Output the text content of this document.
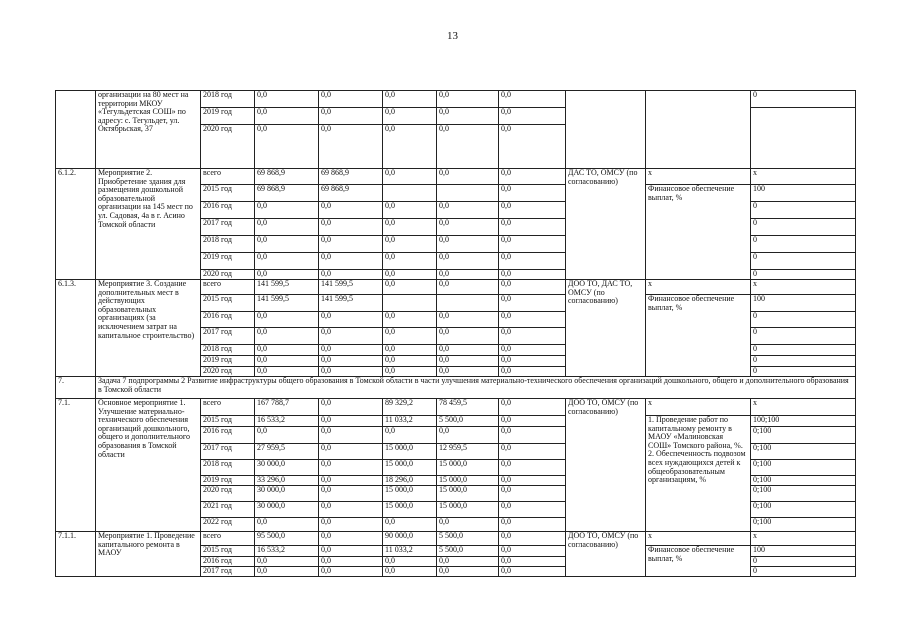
13
	организации на 80 мест на территории МКОУ «Тегульдетская СОШ» по адресу: с. Тегульдет, ул. Октябрьская, 37	2018 год	0,0	0,0	0,0	0,0	0,0			0	
		2019 год	0,0	0,0	0,0	0,0	0,0		
		2020 год	0,0	0,0	0,0	0,0	0,0	
6.1.2.	Мероприятие 2. Приобретение здания для размещения дошкольной образовательной организации на 145 мест по ул. Садовая, 4а в г. Асино Томской области	всего	69 868,9	69 868,9	0,0	0,0	0,0	ДАС ТО, ОМСУ (по согласованию)	х	х	
		2015 год	69 868,9	69 868,9			0,0		Финансовое обеспечение выплат, %	100	
		2016 год	0,0	0,0	0,0	0,0	0,0			0	
		2017 год	0,0	0,0	0,0	0,0	0,0			0	
		2018 год	0,0	0,0	0,0	0,0	0,0			0	
		2019 год	0,0	0,0	0,0	0,0	0,0			0	
		2020 год	0,0	0,0	0,0	0,0	0,0			0	
6.1.3.	Мероприятие 3. Создание дополнительных мест в действующих образовательных организациях (за исключением затрат на капитальное строительство)	всего	141 599,5	141 599,5	0,0	0,0	0,0	ДОО ТО, ДАС ТО, ОМСУ (по согласованию)	х	х	
		2015 год	141 599,5	141 599,5			0,0		Финансовое обеспечение выплат, %	100	
		2016 год	0,0	0,0	0,0	0,0	0,0			0	
		2017 год	0,0	0,0	0,0	0,0	0,0			0	
		2018 год	0,0	0,0	0,0	0,0	0,0			0	
		2019 год	0,0	0,0	0,0	0,0	0,0			0	
		2020 год	0,0	0,0	0,0	0,0	0,0			0	
7.	Задача 7 подпрограммы 2 Развитие инфраструктуры общего образования в Томской области в части улучшения материально-технического обеспечения организаций дошкольного, общего и дополнительного образования в Томской области										
7.1.	Основное мероприятие 1. Улучшение материально-технического обеспечения организаций дошкольного, общего и дополнительного образования в Томской области	всего	167 788,7	0,0	89 329,2	78 459,5	0,0	ДОО ТО, ОМСУ (по согласованию)	х	х	
		2015 год	16 533,2	0,0	11 033,2	5 500,0	0,0		1. Проведение работ по капитальному ремонту в МАОУ «Малиновская СОШ» Томского района, %. 2. Обеспеченность подвозом всех нуждающихся детей к общеобразовательным организациям, %	100;100	
		2016 год	0,0	0,0	0,0	0,0	0,0			0;100	
		2017 год	27 959,5	0,0	15 000,0	12 959,5	0,0			0;100	
		2018 год	30 000,0	0,0	15 000,0	15 000,0	0,0			0;100	
		2019 год	33 296,0	0,0	18 296,0	15 000,0	0,0			0;100	
		2020 год	30 000,0	0,0	15 000,0	15 000,0	0,0			0;100	
		2021 год	30 000,0	0,0	15 000,0	15 000,0	0,0			0;100	
		2022 год	0,0	0,0	0,0	0,0	0,0			0;100	
7.1.1.	Мероприятие 1. Проведение капитального ремонта в МАОУ	всего	95 500,0	0,0	90 000,0	5 500,0	0,0	ДОО ТО, ОМСУ (по согласованию)	х	х	
		2015 год	16 533,2	0,0	11 033,2	5 500,0	0,0		Финансовое обеспечение выплат, %	100	
		2016 год	0,0	0,0	0,0	0,0	0,0			0	
		2017 год	0,0	0,0	0,0	0,0	0,0			0	
